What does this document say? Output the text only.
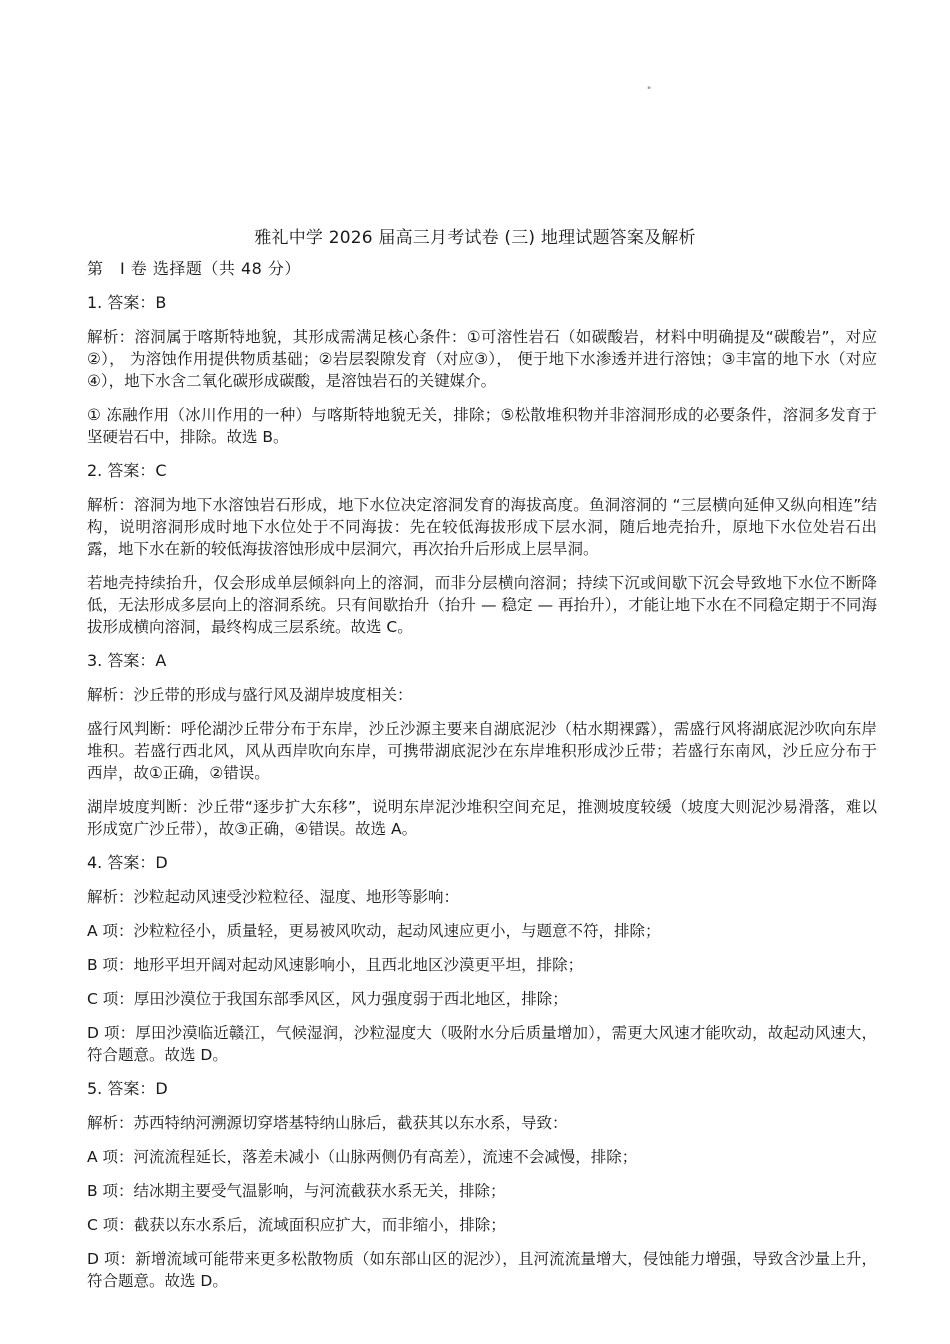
"
雅礼中学 2026 届高三月考试卷 (三) 地理试题答案及解析
第　Ⅰ 卷 选择题（共 48 分）
1. 答案：B
解析：溶洞属于喀斯特地貌，其形成需满足核心条件：①可溶性岩石（如碳酸岩，材料中明确提及“碳酸岩”，对应②）， 为溶蚀作用提供物质基础；②岩层裂隙发育（对应③）， 便于地下水渗透并进行溶蚀；③丰富的地下水（对应④），地下水含二氧化碳形成碳酸，是溶蚀岩石的关键媒介。
① 冻融作用（冰川作用的一种）与喀斯特地貌无关，排除；⑤松散堆积物并非溶洞形成的必要条件，溶洞多发育于坚硬岩石中，排除。故选 B。
2. 答案：C
解析：溶洞为地下水溶蚀岩石形成，地下水位决定溶洞发育的海拔高度。鱼洞溶洞的 “三层横向延伸又纵向相连”结构，说明溶洞形成时地下水位处于不同海拔：先在较低海拔形成下层水洞，随后地壳抬升，原地下水位处岩石出露，地下水在新的较低海拔溶蚀形成中层洞穴，再次抬升后形成上层旱洞。
若地壳持续抬升，仅会形成单层倾斜向上的溶洞，而非分层横向溶洞；持续下沉或间歇下沉会导致地下水位不断降低，无法形成多层向上的溶洞系统。只有间歇抬升（抬升 — 稳定 — 再抬升），才能让地下水在不同稳定期于不同海拔形成横向溶洞，最终构成三层系统。故选 C。
3. 答案：A
解析：沙丘带的形成与盛行风及湖岸坡度相关：
盛行风判断：呼伦湖沙丘带分布于东岸，沙丘沙源主要来自湖底泥沙（枯水期裸露），需盛行风将湖底泥沙吹向东岸堆积。若盛行西北风，风从西岸吹向东岸，可携带湖底泥沙在东岸堆积形成沙丘带；若盛行东南风，沙丘应分布于西岸，故①正确，②错误。
湖岸坡度判断：沙丘带“逐步扩大东移”，说明东岸泥沙堆积空间充足，推测坡度较缓（坡度大则泥沙易滑落，难以形成宽广沙丘带），故③正确，④错误。故选 A。
4. 答案：D
解析：沙粒起动风速受沙粒粒径、湿度、地形等影响：
A 项：沙粒粒径小，质量轻，更易被风吹动，起动风速应更小，与题意不符，排除；
B 项：地形平坦开阔对起动风速影响小，且西北地区沙漠更平坦，排除；
C 项：厚田沙漠位于我国东部季风区，风力强度弱于西北地区，排除；
D 项：厚田沙漠临近赣江，气候湿润，沙粒湿度大（吸附水分后质量增加），需更大风速才能吹动，故起动风速大，符合题意。故选 D。
5. 答案：D
解析：苏西特纳河溯源切穿塔基特纳山脉后，截获其以东水系，导致：
A 项：河流流程延长，落差未减小（山脉两侧仍有高差），流速不会减慢，排除；
B 项：结冰期主要受气温影响，与河流截获水系无关，排除；
C 项：截获以东水系后，流域面积应扩大，而非缩小，排除；
D 项：新增流域可能带来更多松散物质（如东部山区的泥沙），且河流流量增大，侵蚀能力增强，导致含沙量上升，符合题意。故选 D。
